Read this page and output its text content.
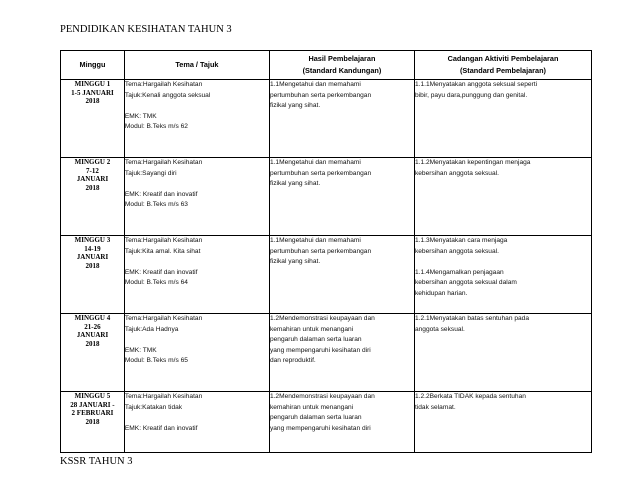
PENDIDIKAN KESIHATAN TAHUN 3
Minggu	Tema / Tajuk	Hasil Pembelajaran
(Standard Kandungan)	Cadangan Aktiviti Pembelajaran
(Standard Pembelajaran)

MINGGU 1
1-5 JANUARI
2018	Tema:Hargailah Kesihatan
Tajuk:Kenali anggota seksual
EMK: TMK
Modul: B.Teks m/s 62	1.1Mengetahui dan memahami
pertumbuhan serta perkembangan
fizikal yang sihat.	1.1.1Menyatakan anggota seksual seperti
bibir, payu dara,punggung dan genital.

MINGGU 2
7-12
JANUARI
2018	Tema:Hargailah Kesihatan
Tajuk:Sayangi diri
EMK: Kreatif dan inovatif
Modul: B.Teks m/s 63	1.1Mengetahui dan memahami
pertumbuhan serta perkembangan
fizikal yang sihat.	1.1.2Menyatakan kepentingan menjaga
kebersihan anggota seksual.

MINGGU 3
14-19
JANUARI
2018	Tema:Hargailah Kesihatan
Tajuk:Kita amal. Kita sihat
EMK: Kreatif dan inovatif
Modul: B.Teks m/s 64	1.1Mengetahui dan memahami
pertumbuhan serta perkembangan
fizikal yang sihat.	1.1.3Menyatakan cara menjaga
kebersihan anggota seksual.
1.1.4Mengamalkan penjagaan
kebersihan anggota seksual dalam
kehidupan harian.

MINGGU 4
21-26
JANUARI
2018	Tema:Hargailah Kesihatan
Tajuk:Ada Hadnya
EMK: TMK
Modul: B.Teks m/s 65	1.2Mendemonstrasi keupayaan dan
kemahiran untuk menangani
pengaruh dalaman serta luaran
yang mempengaruhi kesihatan diri
dan reproduktif.	1.2.1Menyatakan batas sentuhan pada
anggota seksual.

MINGGU 5
28 JANUARI -
2 FEBRUARI
2018	Tema:Hargailah Kesihatan
Tajuk:Katakan tidak
EMK: Kreatif dan inovatif	1.2Mendemonstrasi keupayaan dan
kemahiran untuk menangani
pengaruh dalaman serta luaran
yang mempengaruhi kesihatan diri	1.2.2Berkata TIDAK kepada sentuhan
tidak selamat.
KSSR TAHUN 3
